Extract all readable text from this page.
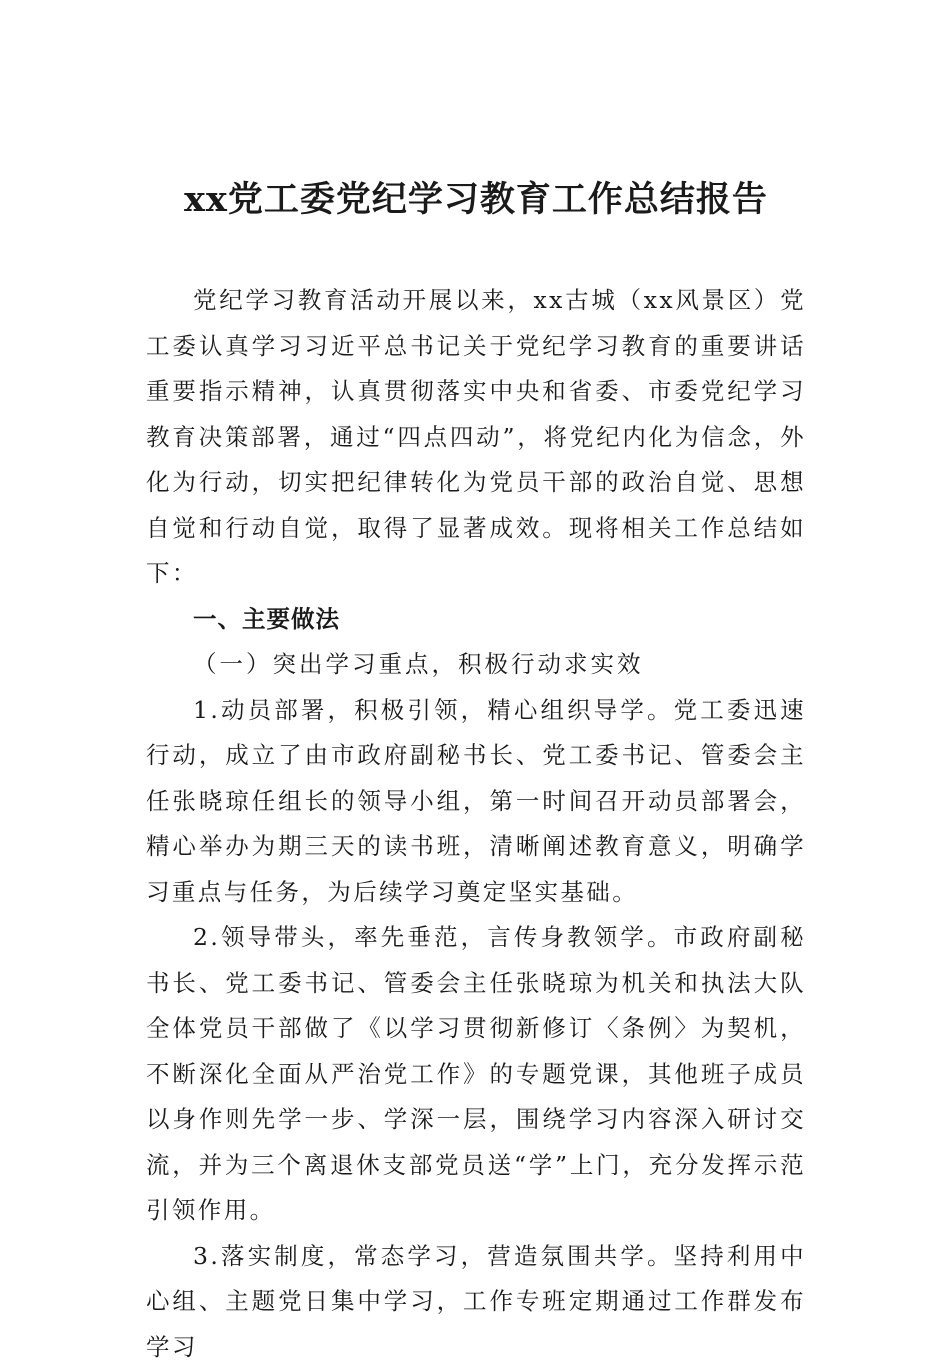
xx党工委党纪学习教育工作总结报告

党纪学习教育活动开展以来，xx古城（xx风景区）党工委认真学习习近平总书记关于党纪学习教育的重要讲话重要指示精神，认真贯彻落实中央和省委、市委党纪学习教育决策部署，通过“四点四动”，将党纪内化为信念，外化为行动，切实把纪律转化为党员干部的政治自觉、思想自觉和行动自觉，取得了显著成效。现将相关工作总结如下：

一、主要做法

（一）突出学习重点，积极行动求实效

1.动员部署，积极引领，精心组织导学。党工委迅速行动，成立了由市政府副秘书长、党工委书记、管委会主任张晓琼任组长的领导小组，第一时间召开动员部署会，精心举办为期三天的读书班，清晰阐述教育意义，明确学习重点与任务，为后续学习奠定坚实基础。

2.领导带头，率先垂范，言传身教领学。市政府副秘书长、党工委书记、管委会主任张晓琼为机关和执法大队全体党员干部做了《以学习贯彻新修订〈条例〉为契机，不断深化全面从严治党工作》的专题党课，其他班子成员以身作则先学一步、学深一层，围绕学习内容深入研讨交流，并为三个离退休支部党员送“学”上门，充分发挥示范引领作用。

3.落实制度，常态学习，营造氛围共学。坚持利用中心组、主题党日集中学习，工作专班定期通过工作群发布学习
